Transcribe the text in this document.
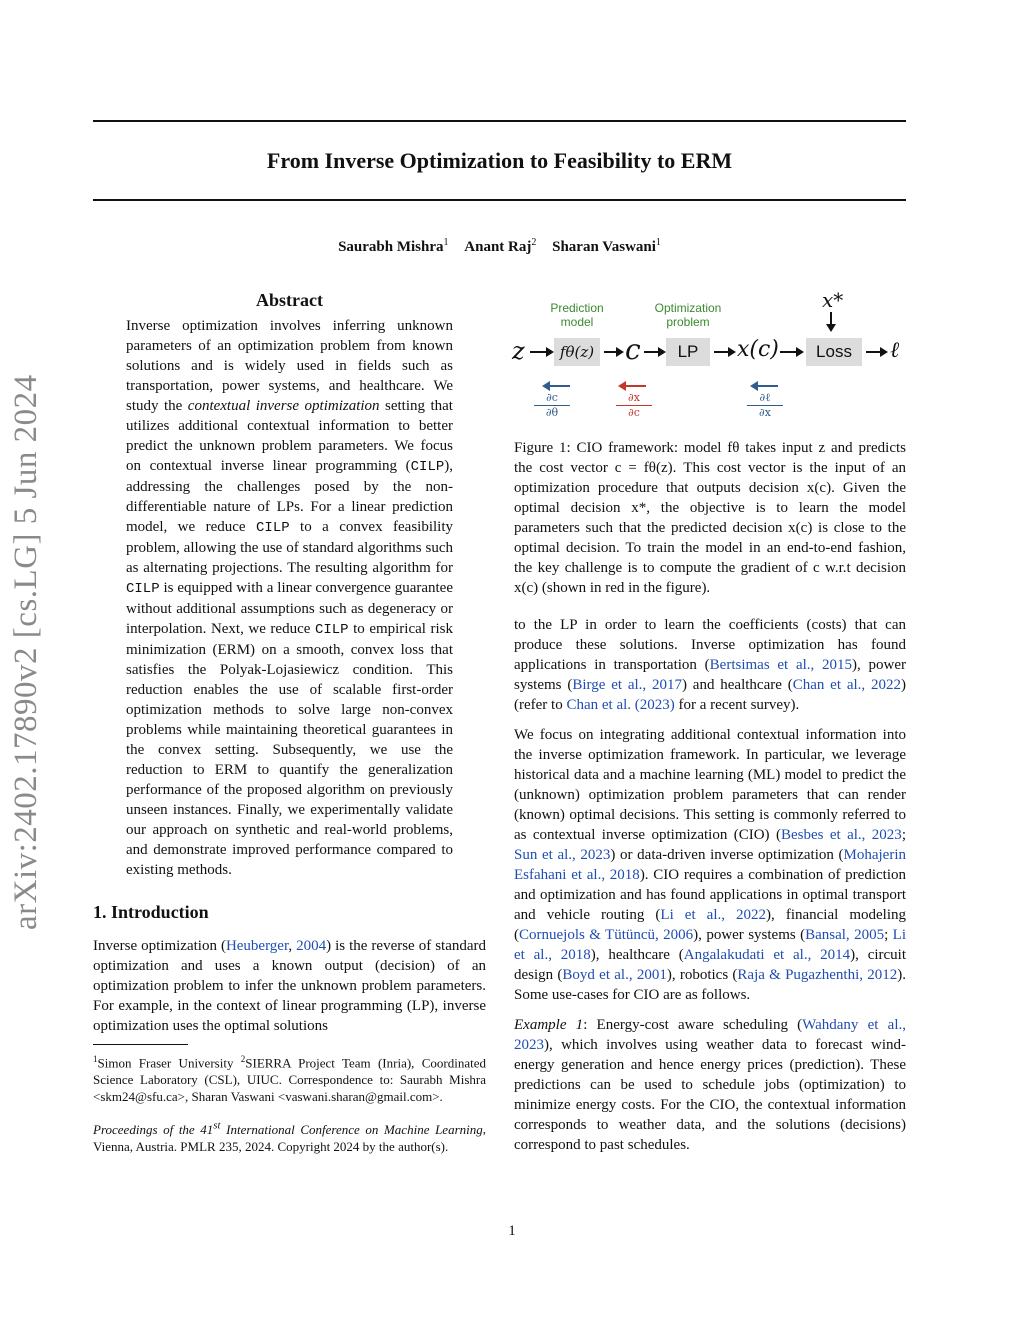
arXiv:2402.17890v2 [cs.LG] 5 Jun 2024
From Inverse Optimization to Feasibility to ERM
Saurabh Mishra$^1$ Anant Raj$^2$ Sharan Vaswani$^1$
Abstract

Inverse optimization involves inferring unknown parameters of an optimization problem from known solutions and is widely used in fields such as transportation, power systems, and healthcare. We study the contextual inverse optimization setting that utilizes additional contextual information to better predict the unknown problem parameters. We focus on contextual inverse linear programming (CILP), addressing the challenges posed by the non-differentiable nature of LPs. For a linear prediction model, we reduce CILP to a convex feasibility problem, allowing the use of standard algorithms such as alternating projections. The resulting algorithm for CILP is equipped with a linear convergence guarantee without additional assumptions such as degeneracy or interpolation. Next, we reduce CILP to empirical risk minimization (ERM) on a smooth, convex loss that satisfies the Polyak-Lojasiewicz condition. This reduction enables the use of scalable first-order optimization methods to solve large non-convex problems while maintaining theoretical guarantees in the convex setting. Subsequently, we use the reduction to ERM to quantify the generalization performance of the proposed algorithm on previously unseen instances. Finally, we experimentally validate our approach on synthetic and real-world problems, and demonstrate improved performance compared to existing methods.

1. Introduction

Inverse optimization (Heuberger, 2004) is the reverse of standard optimization and uses a known output (decision) of an optimization problem to infer the unknown problem parameters. For example, in the context of linear programming (LP), inverse optimization uses the optimal solutions

$^1$Simon Fraser University $^2$SIERRA Project Team (Inria), Coordinated Science Laboratory (CSL), UIUC. Correspondence to: Saurabh Mishra <skm24@sfu.ca>, Sharan Vaswani <vaswani.sharan@gmail.com>.

Proceedings of the 41st International Conference on Machine Learning, Vienna, Austria. PMLR 235, 2024. Copyright 2024 by the author(s).

Prediction model
Optimization problem
x*
z	fθ(z) c	LP	x(c)	Loss	ℓ
$\frac{\partial c}{\partial\theta}$	$\frac{\partial x}{\partial c}$	∂ℓ
∂x

Figure 1: CIO framework: model fθ takes input z and predicts the cost vector c = fθ(z). This cost vector is the input of an optimization procedure that outputs decision x(c). Given the optimal decision x*, the objective is to learn the model parameters such that the predicted decision x(c) is close to the optimal decision. To train the model in an end-to-end fashion, the key challenge is to compute the gradient of c w.r.t decision x(c) (shown in red in the figure).

to the LP in order to learn the coefficients (costs) that can produce these solutions. Inverse optimization has found applications in transportation (Bertsimas et al., 2015), power systems (Birge et al., 2017) and healthcare (Chan et al., 2022) (refer to Chan et al. (2023) for a recent survey).

We focus on integrating additional contextual information into the inverse optimization framework. In particular, we leverage historical data and a machine learning (ML) model to predict the (unknown) optimization problem parameters that can render (known) optimal decisions. This setting is commonly referred to as contextual inverse optimization (CIO) (Besbes et al., 2023; Sun et al., 2023) or data-driven inverse optimization (Mohajerin Esfahani et al., 2018). CIO requires a combination of prediction and optimization and has found applications in optimal transport and vehicle routing (Li et al., 2022), financial modeling (Cornuejols & Tütüncü, 2006), power systems (Bansal, 2005; Li et al., 2018), healthcare (Angalakudati et al., 2014), circuit design (Boyd et al., 2001), robotics (Raja & Pugazhenthi, 2012). Some use-cases for CIO are as follows.

Example 1: Energy-cost aware scheduling (Wahdany et al., 2023), which involves using weather data to forecast wind-energy generation and hence energy prices (prediction). These predictions can be used to schedule jobs (optimization) to minimize energy costs. For the CIO, the contextual information corresponds to weather data, and the solutions (decisions) correspond to past schedules.

1
